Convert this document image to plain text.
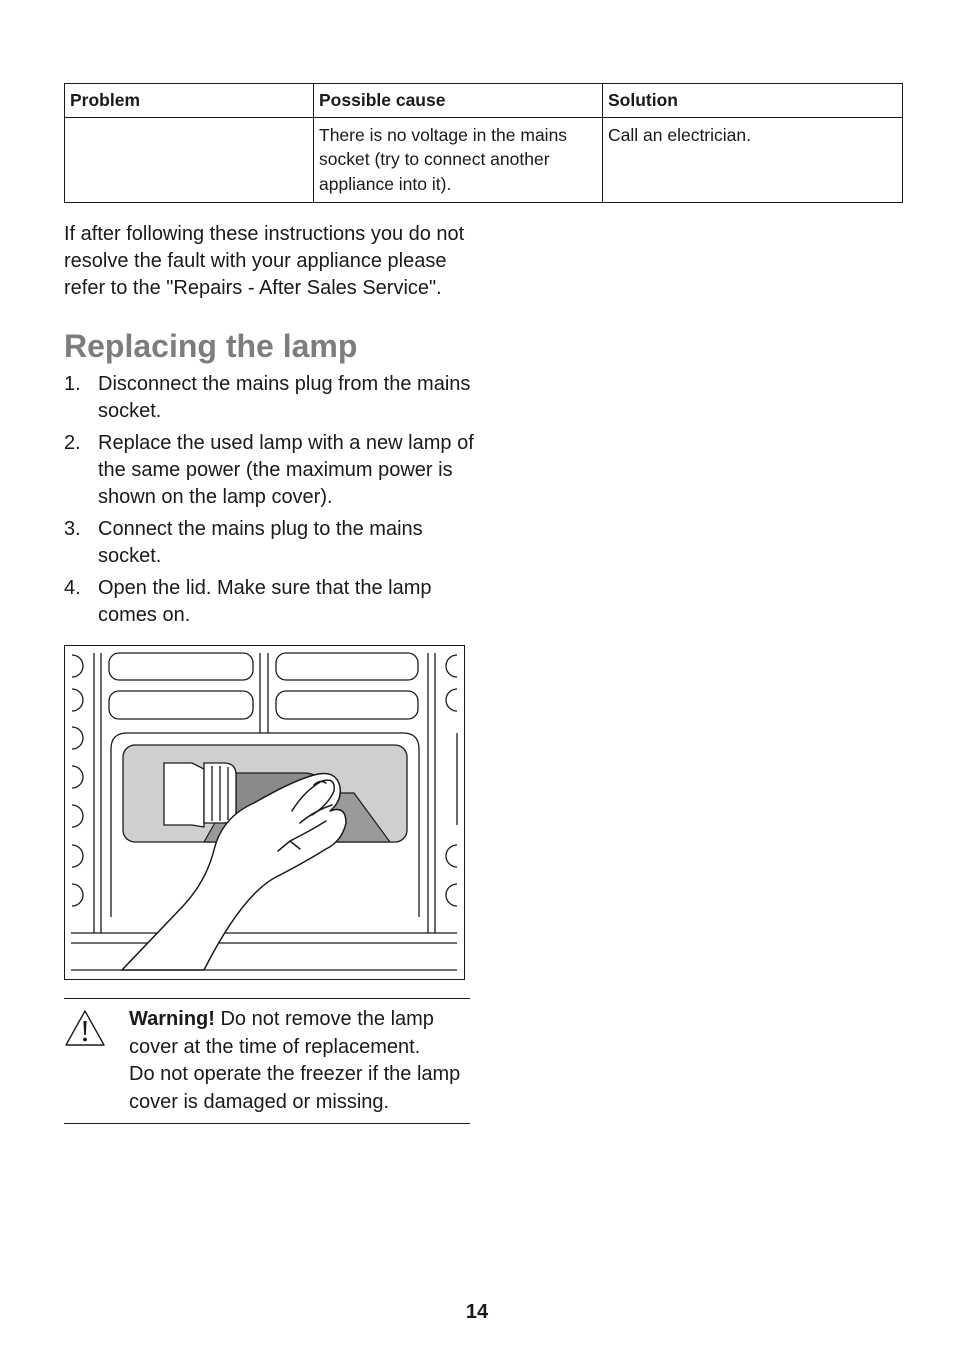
Problem	Possible cause	Solution
	There is no voltage in the mains socket (try to connect another appliance into it).	Call an electrician.

If after following these instructions you do not resolve the fault with your appliance please refer to the "Repairs - After Sales Service".

Replacing the lamp
1. Disconnect the mains plug from the mains socket.
2. Replace the used lamp with a new lamp of the same power (the maximum power is shown on the lamp cover).
3. Connect the mains plug to the mains socket.
4. Open the lid. Make sure that the lamp comes on.

Warning! Do not remove the lamp cover at the time of replacement.
Do not operate the freezer if the lamp cover is damaged or missing.

14
